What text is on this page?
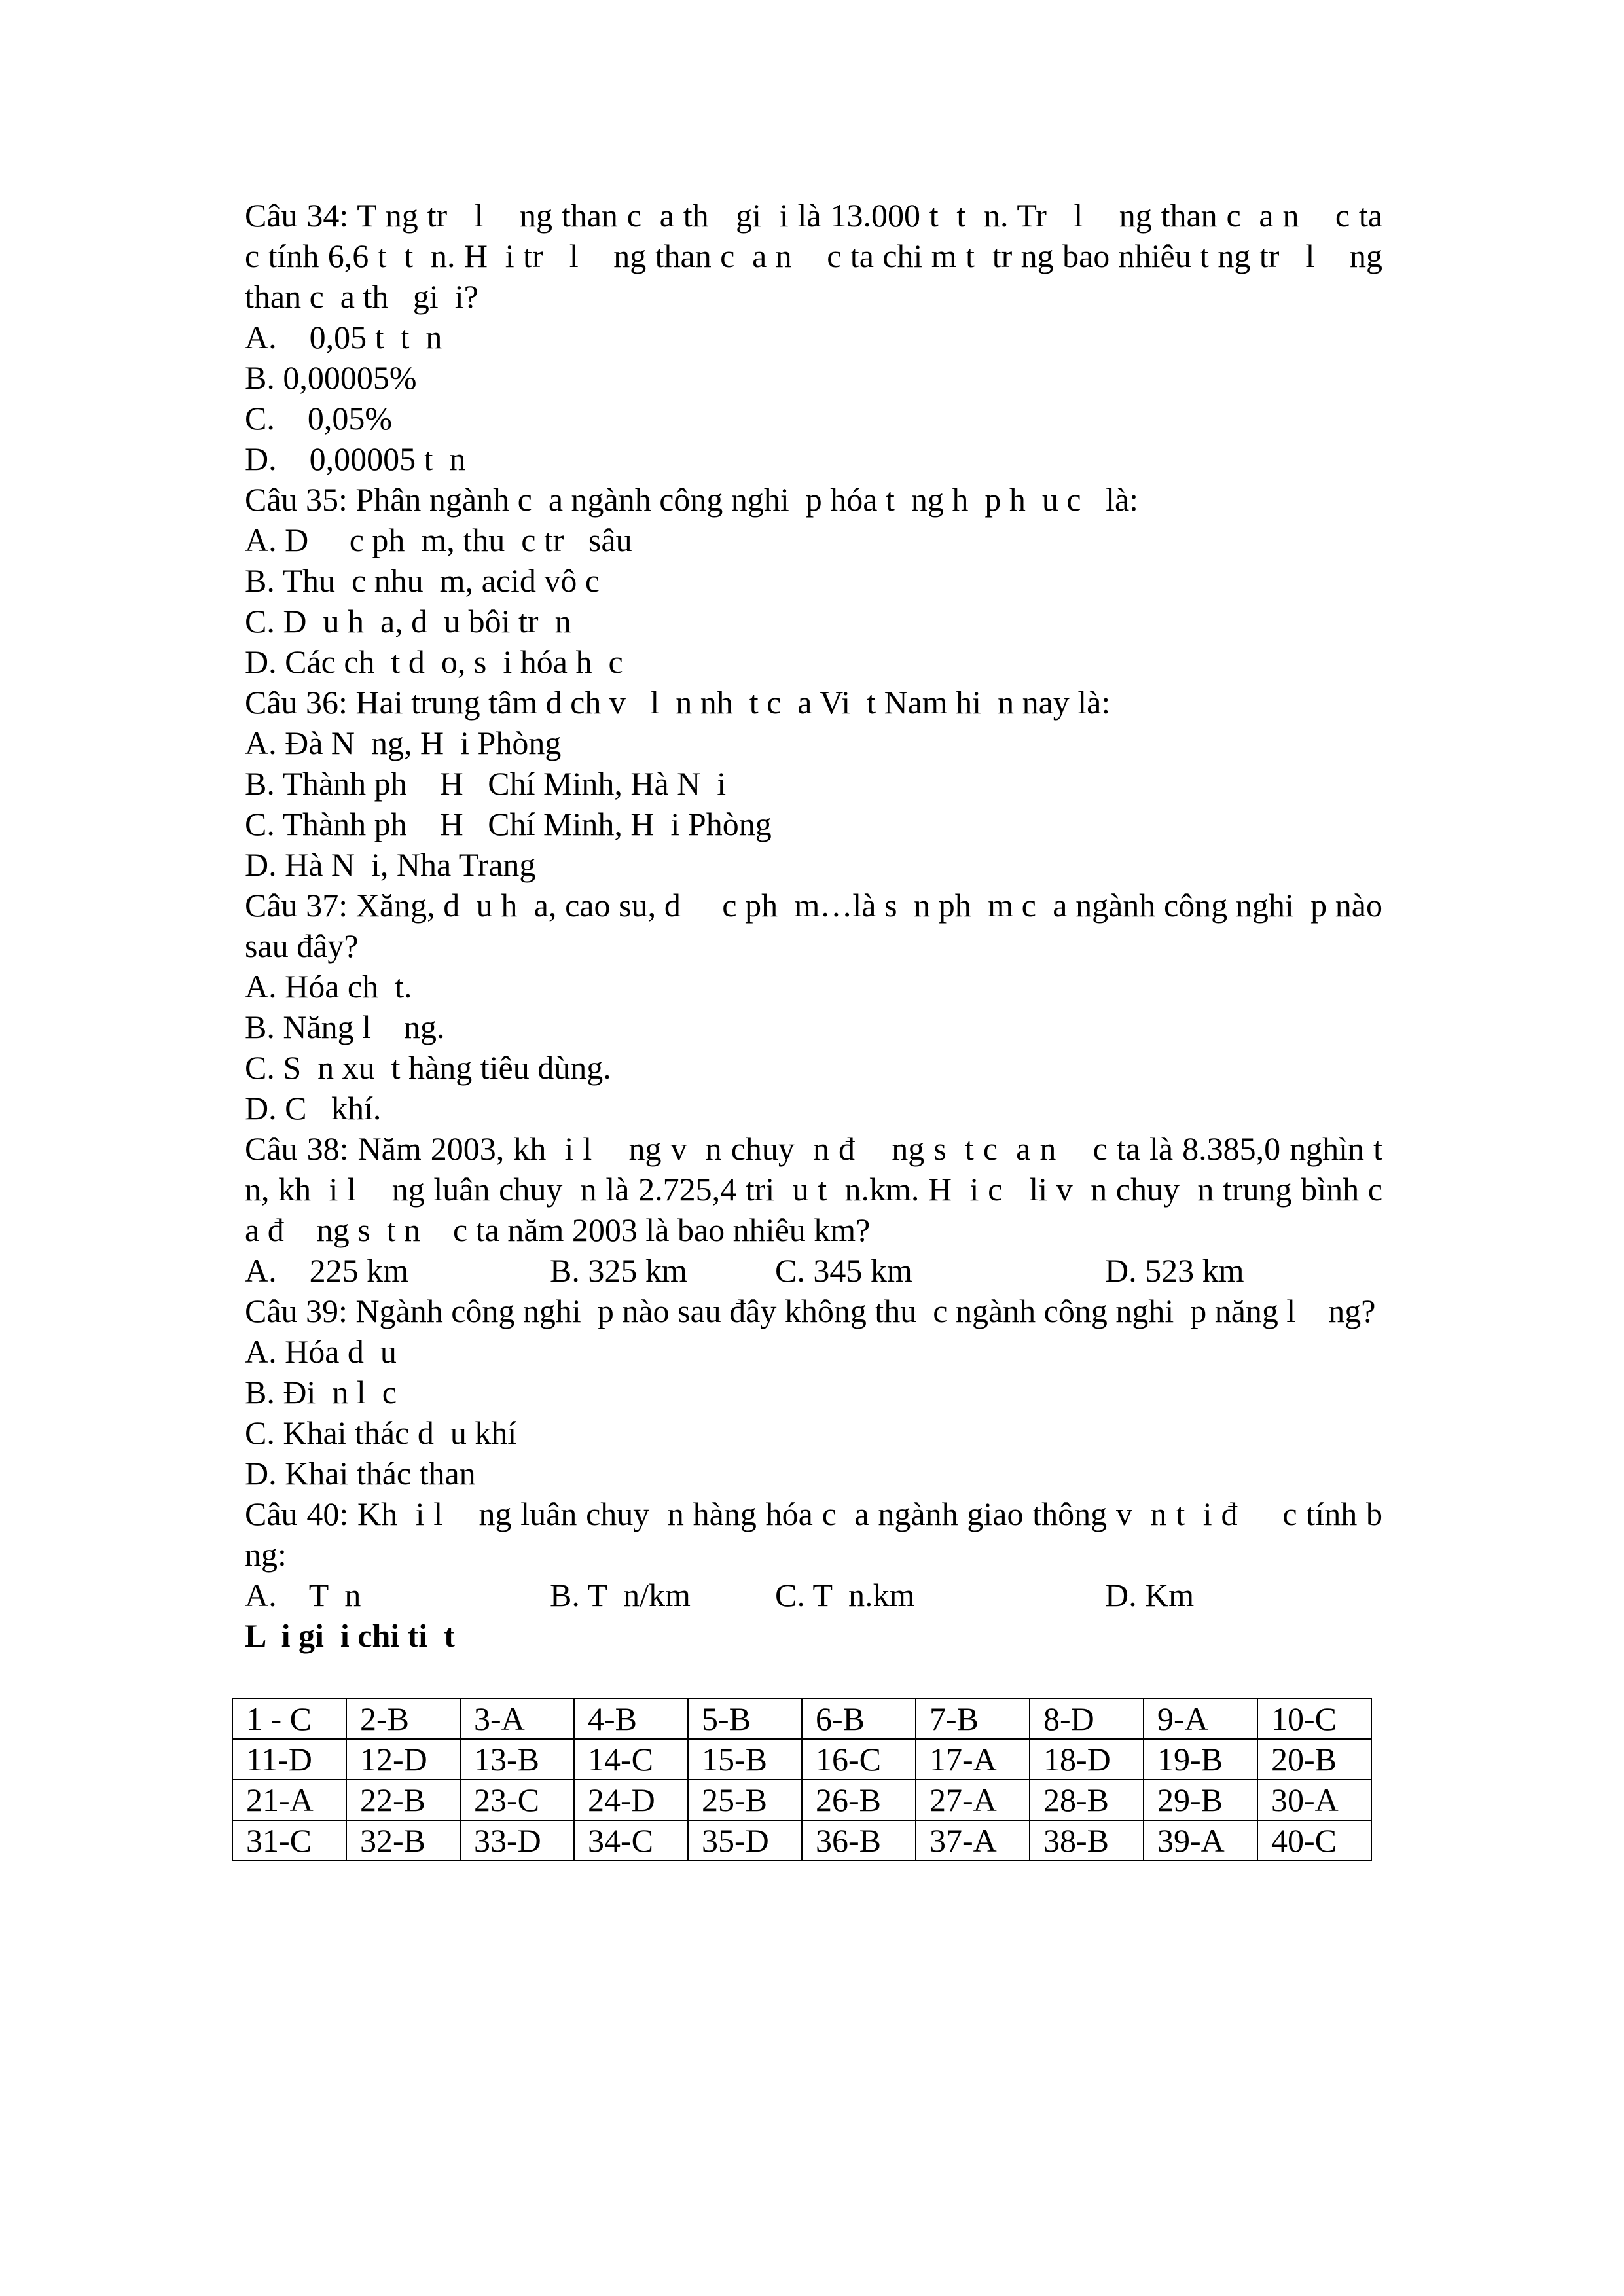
Câu 34: T ng tr   l    ng than c  a th   gi  i là 13.000 t  t  n. Tr   l    ng than c  a n    c ta     c tính 6,6 t  t  n. H  i tr   l    ng than c  a n    c ta chi m t  tr ng bao nhiêu t ng tr   l    ng than c  a th   gi  i?

A.    0,05 t  t  n

B. 0,00005%

C.    0,05%

D.    0,00005 t  n

Câu 35: Phân ngành c  a ngành công nghi  p hóa t  ng h  p h  u c   là:

A. D     c ph  m, thu  c tr   sâu

B. Thu  c nhu  m, acid vô c

C. D  u h  a, d  u bôi tr  n

D. Các ch  t d  o, s  i hóa h  c

Câu 36: Hai trung tâm d ch v   l  n nh  t c  a Vi  t Nam hi  n nay là:

A. Đà N  ng, H  i Phòng

B. Thành ph    H   Chí Minh, Hà N  i

C. Thành ph    H   Chí Minh, H  i Phòng

D. Hà N  i, Nha Trang

Câu 37: Xăng, d  u h  a, cao su, d     c ph  m…là s  n ph  m c  a ngành công nghi  p nào sau đây?

A. Hóa ch  t.

B. Năng l    ng.

C. S  n xu  t hàng tiêu dùng.

D. C   khí.

Câu 38: Năm 2003, kh  i l    ng v  n chuy  n đ    ng s  t c  a n    c ta là 8.385,0 nghìn t  n, kh  i l    ng luân chuy  n là 2.725,4 tri  u t  n.km. H  i c   li v  n chuy  n trung bình c  a đ    ng s  t n    c ta năm 2003 là bao nhiêu km?

A.    225 km

	B. 325 km

	C. 345 km

	D. 523 km

Câu 39: Ngành công nghi  p nào sau đây không thu  c ngành công nghi  p năng l    ng?

A. Hóa d  u

B. Đi  n l  c

C. Khai thác d  u khí

D. Khai thác than

Câu 40: Kh  i l    ng luân chuy  n hàng hóa c  a ngành giao thông v  n t  i đ     c tính b  ng:

A.    T  n

	B. T  n/km

	C. T  n.km

	D. Km

L  i gi  i chi ti  t

1 - C	2-B	3-A	4-B	5-B	6-B	7-B	8-D	9-A	10-C
11-D	12-D	13-B	14-C	15-B	16-C	17-A	18-D	19-B	20-B
21-A	22-B	23-C	24-D	25-B	26-B	27-A	28-B	29-B	30-A
31-C	32-B	33-D	34-C	35-D	36-B	37-A	38-B	39-A	40-C
